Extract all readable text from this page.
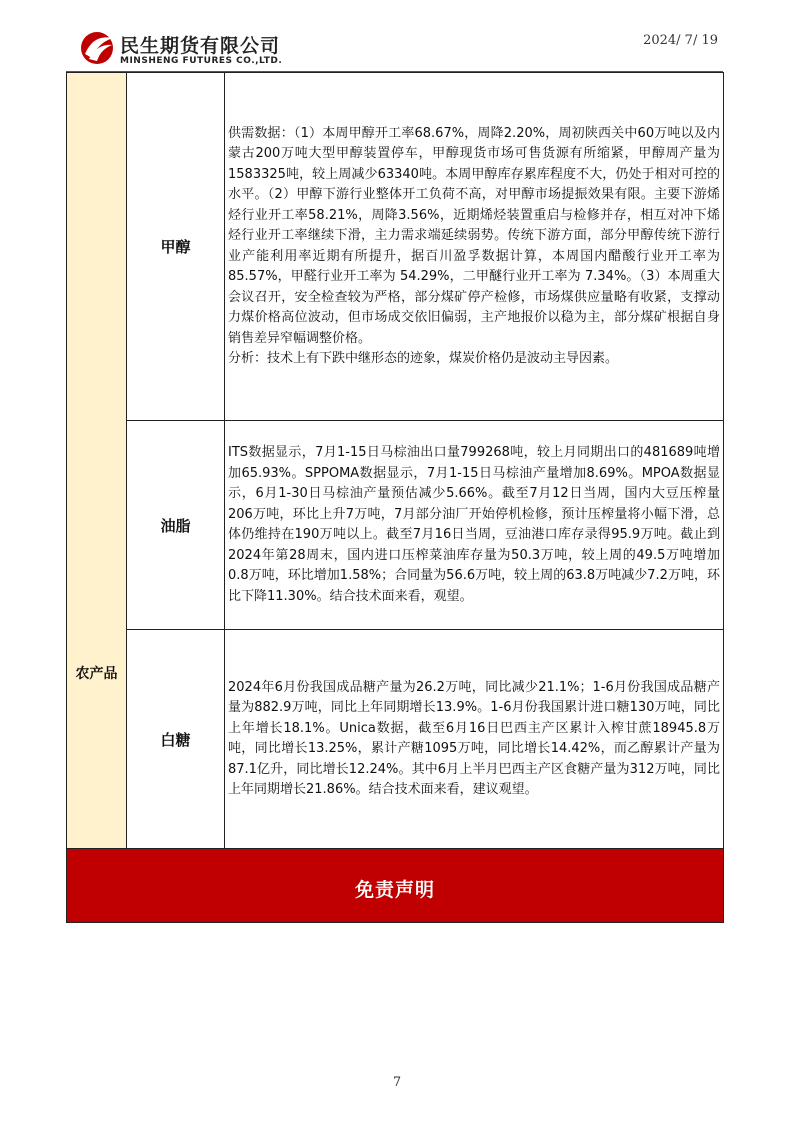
民生期货有限公司
MINSHENG FUTURES CO.,LTD.
2024/ 7/ 19
农产品	甲醇	供需数据：（1）本周甲醇开工率68.67%，周降2.20%，周初陕西关中60万吨以及内蒙古200万吨大型甲醇装置停车，甲醇现货市场可售货源有所缩紧，甲醇周产量为1583325吨，较上周减少63340吨。本周甲醇库存累库程度不大，仍处于相对可控的水平。（2）甲醇下游行业整体开工负荷不高，对甲醇市场提振效果有限。主要下游烯烃行业开工率58.21%，周降3.56%，近期烯烃装置重启与检修并存，相互对冲下烯烃行业开工率继续下滑，主力需求端延续弱势。传统下游方面，部分甲醇传统下游行业产能利用率近期有所提升，据百川盈孚数据计算，本周国内醋酸行业开工率为85.57%，甲醛行业开工率为 54.29%，二甲醚行业开工率为 7.34%。（3）本周重大会议召开，安全检查较为严格，部分煤矿停产检修，市场煤供应量略有收紧，支撑动力煤价格高位波动，但市场成交依旧偏弱，主产地报价以稳为主，部分煤矿根据自身销售差异窄幅调整价格。

分析：技术上有下跌中继形态的迹象，煤炭价格仍是波动主导因素。

	油脂	ITS数据显示，7月1-15日马棕油出口量799268吨，较上月同期出口的481689吨增加65.93%。SPPOMA数据显示，7月1-15日马棕油产量增加8.69%。MPOA数据显示，6月1-30日马棕油产量预估减少5.66%。截至7月12日当周，国内大豆压榨量206万吨，环比上升7万吨，7月部分油厂开始停机检修，预计压榨量将小幅下滑，总体仍维持在190万吨以上。截至7月16日当周，豆油港口库存录得95.9万吨。截止到2024年第28周末，国内进口压榨菜油库存量为50.3万吨，较上周的49.5万吨增加0.8万吨，环比增加1.58%；合同量为56.6万吨，较上周的63.8万吨减少7.2万吨，环比下降11.30%。结合技术面来看，观望。

	白糖	2024年6月份我国成品糖产量为26.2万吨，同比减少21.1%；1-6月份我国成品糖产量为882.9万吨，同比上年同期增长13.9%。1-6月份我国累计进口糖130万吨，同比上年增长18.1%。Unica数据，截至6月16日巴西主产区累计入榨甘蔗18945.8万吨，同比增长13.25%，累计产糖1095万吨，同比增长14.42%，而乙醇累计产量为87.1亿升，同比增长12.24%。其中6月上半月巴西主产区食糖产量为312万吨，同比上年同期增长21.86%。结合技术面来看，建议观望。

免责声明
7
